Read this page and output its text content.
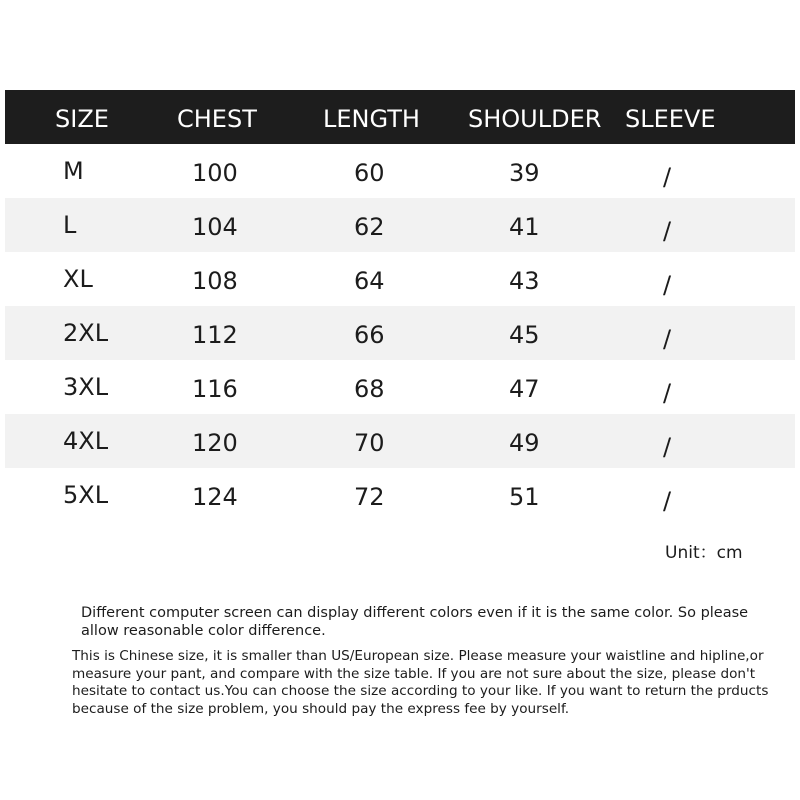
SIZE	CHEST	LENGTH SHOULDER SLEEVE
M	100	60	39	/
L	104	62	41	/
XL	108	64	43	/
2XL	112	66	45	/
3XL	116	68	47	/
4XL	120	70	49	/
5XL	124	72	51	/
Unit：cm

Different computer screen can display different colors even if it is the same color. So please allow reasonable color difference.

This is Chinese size, it is smaller than US/European size. Please measure your waistline and hipline,or measure your pant, and compare with the size table. If you are not sure about the size, please don't hesitate to contact us.You can choose the size according to your like. If you want to return the prducts because of the size problem, you should pay the express fee by yourself.
